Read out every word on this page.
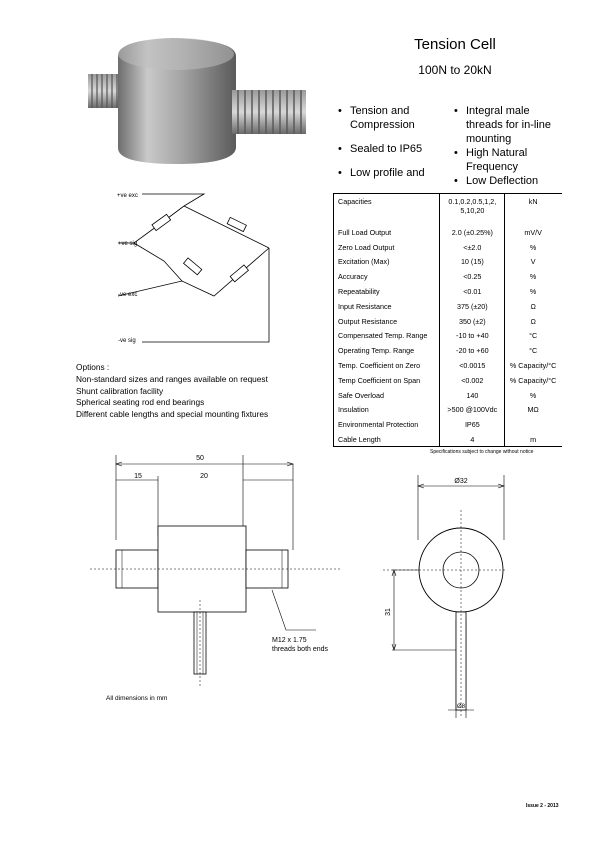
Tension Cell
100N to 20kN
• Tension and Compression
• Sealed to IP65
• Low profile and
• Integral male threads for in-line mounting
• High Natural Frequency
• Low Deflection
+ve exc
+ve sig
-ve exc
-ve sig
Capacities	0.1,0.2,0.5,1,2,
5,10,20	kN
Full Load Output	2.0 (±0.25%)	mV/V
Zero Load Output	<±2.0	%
Excitation (Max)	10 (15)	V
Accuracy	<0.25	%
Repeatability	<0.01	%
Input Resistance	375 (±20)	Ω
Output Resistance	350 (±2)	Ω
Compensated Temp. Range	-10 to +40	°C
Operating Temp. Range	-20 to +60	°C
Temp. Coefficient on Zero	<0.0015	% Capacity/°C
Temp Coefficient on Span	<0.002	% Capacity/°C
Safe Overload	140	%
Insulation	>500 @100Vdc	MΩ
Environmental Protection	IP65	
Cable Length	4	m
Specifications subject to change without notice
Options :
Non-standard sizes and ranges available on request
Shunt calibration facility
Spherical seating rod end bearings
Different cable lengths and special mounting fixtures
50
15	20
M12 x 1.75
threads both ends
All dimensions in mm
Ø32
31
Ø8
Issue 2 - 2013
